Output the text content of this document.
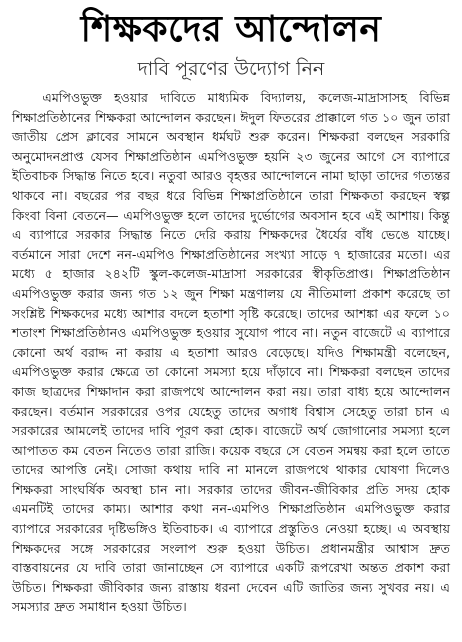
শিক্ষকদের আন্দোলন
দাবি পূরণের উদ্যোগ নিন

এমপিওভুক্ত হওয়ার দাবিতে মাধ্যমিক বিদ্যালয়, কলেজ-মাদ্রাসাসহ বিভিন্ন শিক্ষাপ্রতিষ্ঠানের শিক্ষকরা আন্দোলন করছেন। ঈদুল ফিতরের প্রাক্কালে গত ১০ জুন তারা জাতীয় প্রেস ক্লাবের সামনে অবস্থান ধর্মঘট শুরু করেন। শিক্ষকরা বলছেন সরকারি অনুমোদনপ্রাপ্ত যেসব শিক্ষাপ্রতিষ্ঠান এমপিওভুক্ত হয়নি ২৩ জুনের আগে সে ব্যাপারে ইতিবাচক সিদ্ধান্ত নিতে হবে। নতুবা আরও বৃহত্তর আন্দোলনে নামা ছাড়া তাদের গত্যন্তর থাকবে না। বছরের পর বছর ধরে বিভিন্ন শিক্ষাপ্রতিষ্ঠানে তারা শিক্ষকতা করছেন স্বল্প কিংবা বিনা বেতনে— এমপিওভুক্ত হলে তাদের দুর্ভোগের অবসান হবে এই আশায়। কিন্তু এ ব্যাপারে সরকার সিদ্ধান্ত নিতে দেরি করায় শিক্ষকদের ধৈর্যের বাঁধ ভেঙে যাচ্ছে। বর্তমানে সারা দেশে নন-এমপিও শিক্ষাপ্রতিষ্ঠানের সংখ্যা সাড়ে ৭ হাজারের মতো। এর মধ্যে ৫ হাজার ২৪২টি স্কুল-কলেজ-মাদ্রাসা সরকারের স্বীকৃতিপ্রাপ্ত। শিক্ষাপ্রতিষ্ঠান এমপিওভুক্ত করার জন্য গত ১২ জুন শিক্ষা মন্ত্রণালয় যে নীতিমালা প্রকাশ করেছে তা সংশ্লিষ্ট শিক্ষকদের মধ্যে আশার বদলে হতাশা সৃষ্টি করেছে। তাদের আশঙ্কা এর ফলে ১০ শতাংশ শিক্ষাপ্রতিষ্ঠানও এমপিওভুক্ত হওয়ার সুযোগ পাবে না। নতুন বাজেটে এ ব্যাপারে কোনো অর্থ বরাদ্দ না করায় এ হতাশা আরও বেড়েছে। যদিও শিক্ষামন্ত্রী বলেছেন, এমপিওভুক্ত করার ক্ষেত্রে তা কোনো সমস্যা হয়ে দাঁড়াবে না। শিক্ষকরা বলছেন তাদের কাজ ছাত্রদের শিক্ষাদান করা রাজপথে আন্দোলন করা নয়। তারা বাধ্য হয়ে আন্দোলন করছেন। বর্তমান সরকারের ওপর যেহেতু তাদের অগাধ বিশ্বাস সেহেতু তারা চান এ সরকারের আমলেই তাদের দাবি পূরণ করা হোক। বাজেটে অর্থ জোগানোর সমস্যা হলে আপাতত কম বেতন নিতেও তারা রাজি। কয়েক বছরে সে বেতন সমন্বয় করা হলে তাতে তাদের আপত্তি নেই। সোজা কথায় দাবি না মানলে রাজপথে থাকার ঘোষণা দিলেও শিক্ষকরা সাংঘর্ষিক অবস্থা চান না। সরকার তাদের জীবন-জীবিকার প্রতি সদয় হোক এমনটিই তাদের কাম্য। আশার কথা নন-এমপিও শিক্ষাপ্রতিষ্ঠান এমপিওভুক্ত করার ব্যাপারে সরকারের দৃষ্টিভঙ্গিও ইতিবাচক। এ ব্যাপারে প্রস্তুতিও নেওয়া হচ্ছে। এ অবস্থায় শিক্ষকদের সঙ্গে সরকারের সংলাপ শুরু হওয়া উচিত। প্রধানমন্ত্রীর আশ্বাস দ্রুত বাস্তবায়নের যে দাবি তারা জানাচ্ছেন সে ব্যাপারে একটি রূপরেখা অন্তত প্রকাশ করা উচিত। শিক্ষকরা জীবিকার জন্য রাস্তায় ধরনা দেবেন এটি জাতির জন্য সুখবর নয়। এ সমস্যার দ্রুত সমাধান হওয়া উচিত।
